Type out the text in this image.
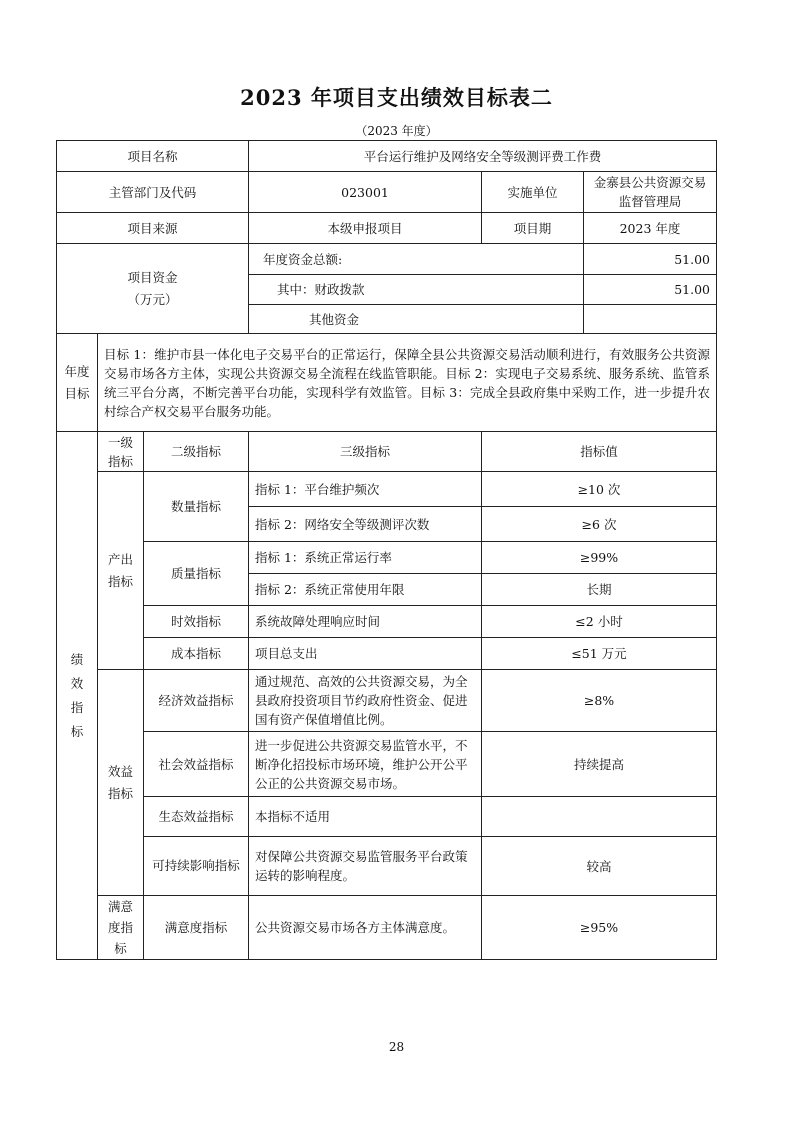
2023 年项目支出绩效目标表二
（2023 年度）
项目名称			平台运行维护及网络安全等级测评费工作费		
主管部门及代码			023001	实施单位	金寨县公共资源交易监督管理局
项目来源			本级申报项目	项目期	2023 年度

项目资金（万元）			年度资金总额:		51.00
			其中：财政拨款		51.00
			其他资金		

年度目标	目标 1：维护市县一体化电子交易平台的正常运行，保障全县公共资源交易活动顺利进行，有效服务公共资源交易市场各方主体，实现公共资源交易全流程在线监管职能。目标 2：实现电子交易系统、服务系统、监管系统三平台分离，不断完善平台功能，实现科学有效监管。目标 3：完成全县政府集中采购工作，进一步提升农村综合产权交易平台服务功能。				

绩效指标	一级指标	二级指标	三级指标	指标值	

	产出指标	数量指标	指标 1：平台维护频次	≥10 次	
			指标 2：网络安全等级测评次数	≥6 次	
		质量指标	指标 1：系统正常运行率	≥99%	
			指标 2：系统正常使用年限	长期	
		时效指标	系统故障处理响应时间	≤2 小时	
		成本指标	项目总支出	≤51 万元	

	效益指标	经济效益指标	通过规范、高效的公共资源交易，为全县政府投资项目节约政府性资金、促进国有资产保值增值比例。	≥8%	
		社会效益指标	进一步促进公共资源交易监管水平，不断净化招投标市场环境，维护公开公平公正的公共资源交易市场。	持续提高	
		生态效益指标	本指标不适用		

		可持续影响指标	对保障公共资源交易监管服务平台政策运转的影响程度。	较高	

	满意度指标	满意度指标	公共资源交易市场各方主体满意度。	≥95%	
28
